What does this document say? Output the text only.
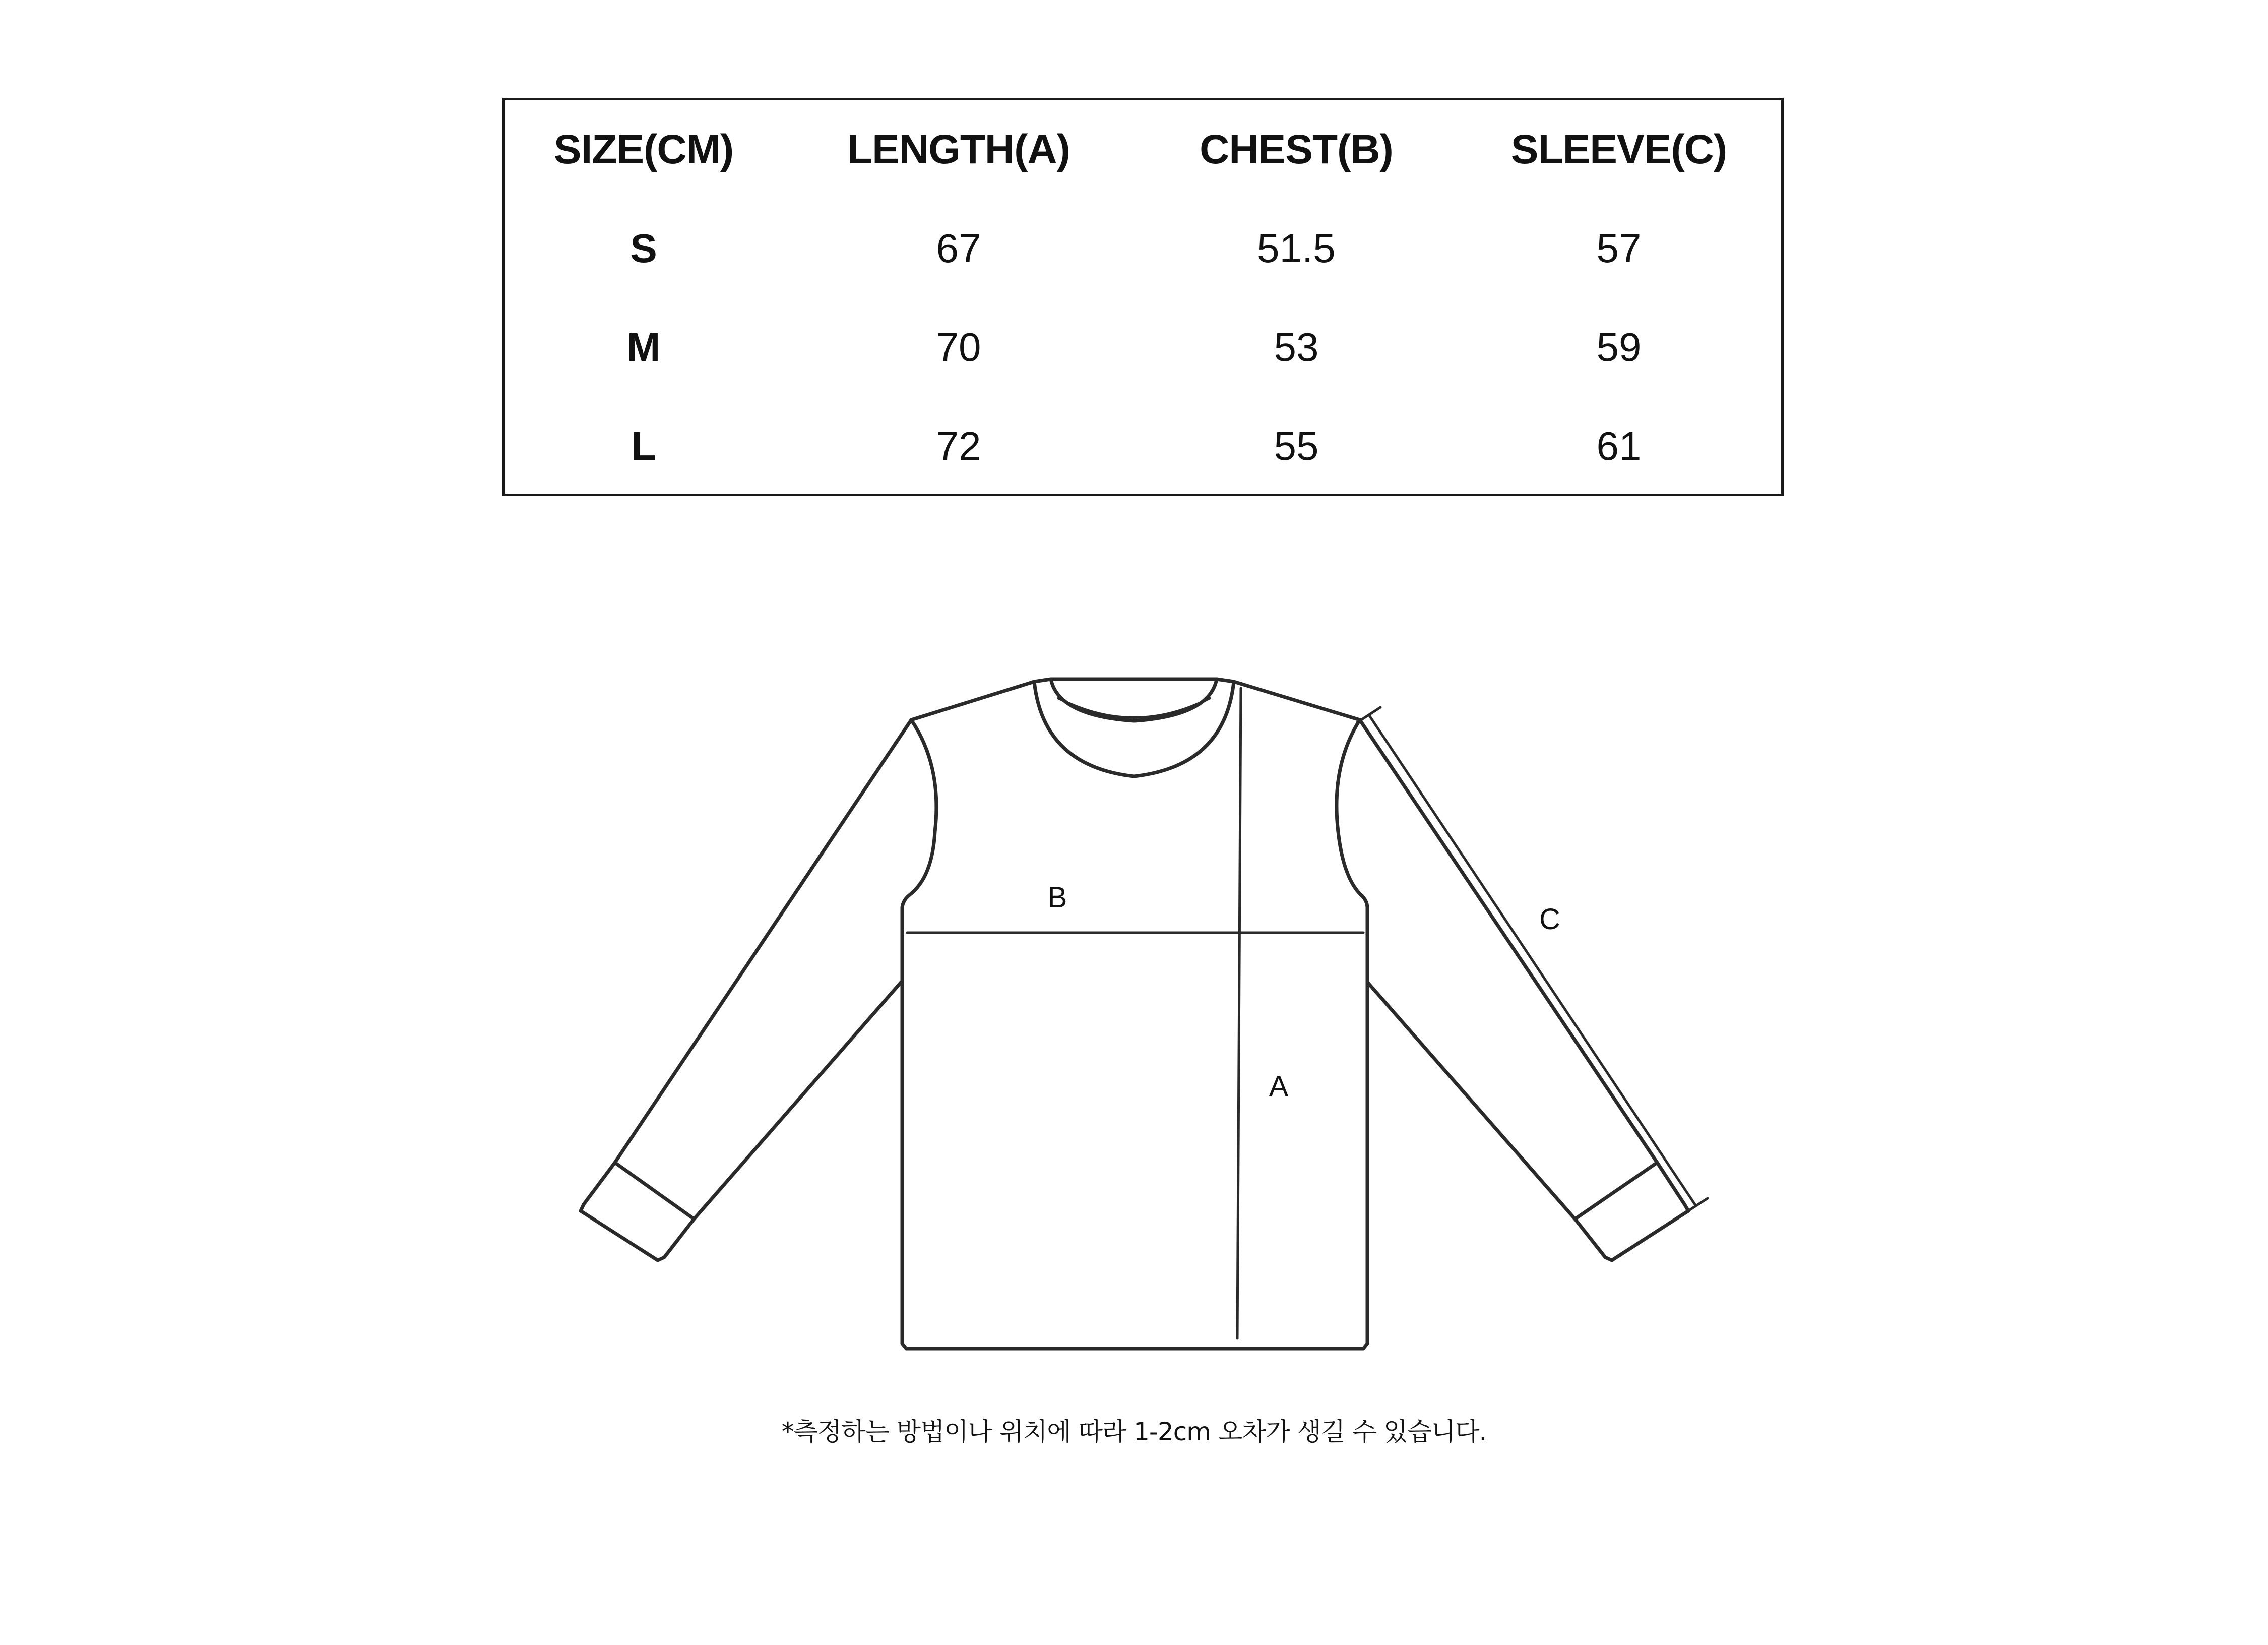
SIZE(CM)	LENGTH(A)	CHEST(B)	SLEEVE(C)
S	67	51.5	57
M	70	53	59
L	72	55	61
B
A
C
*측정하는 방법이나 위치에 따라 1-2cm 오차가 생길 수 있습니다.
